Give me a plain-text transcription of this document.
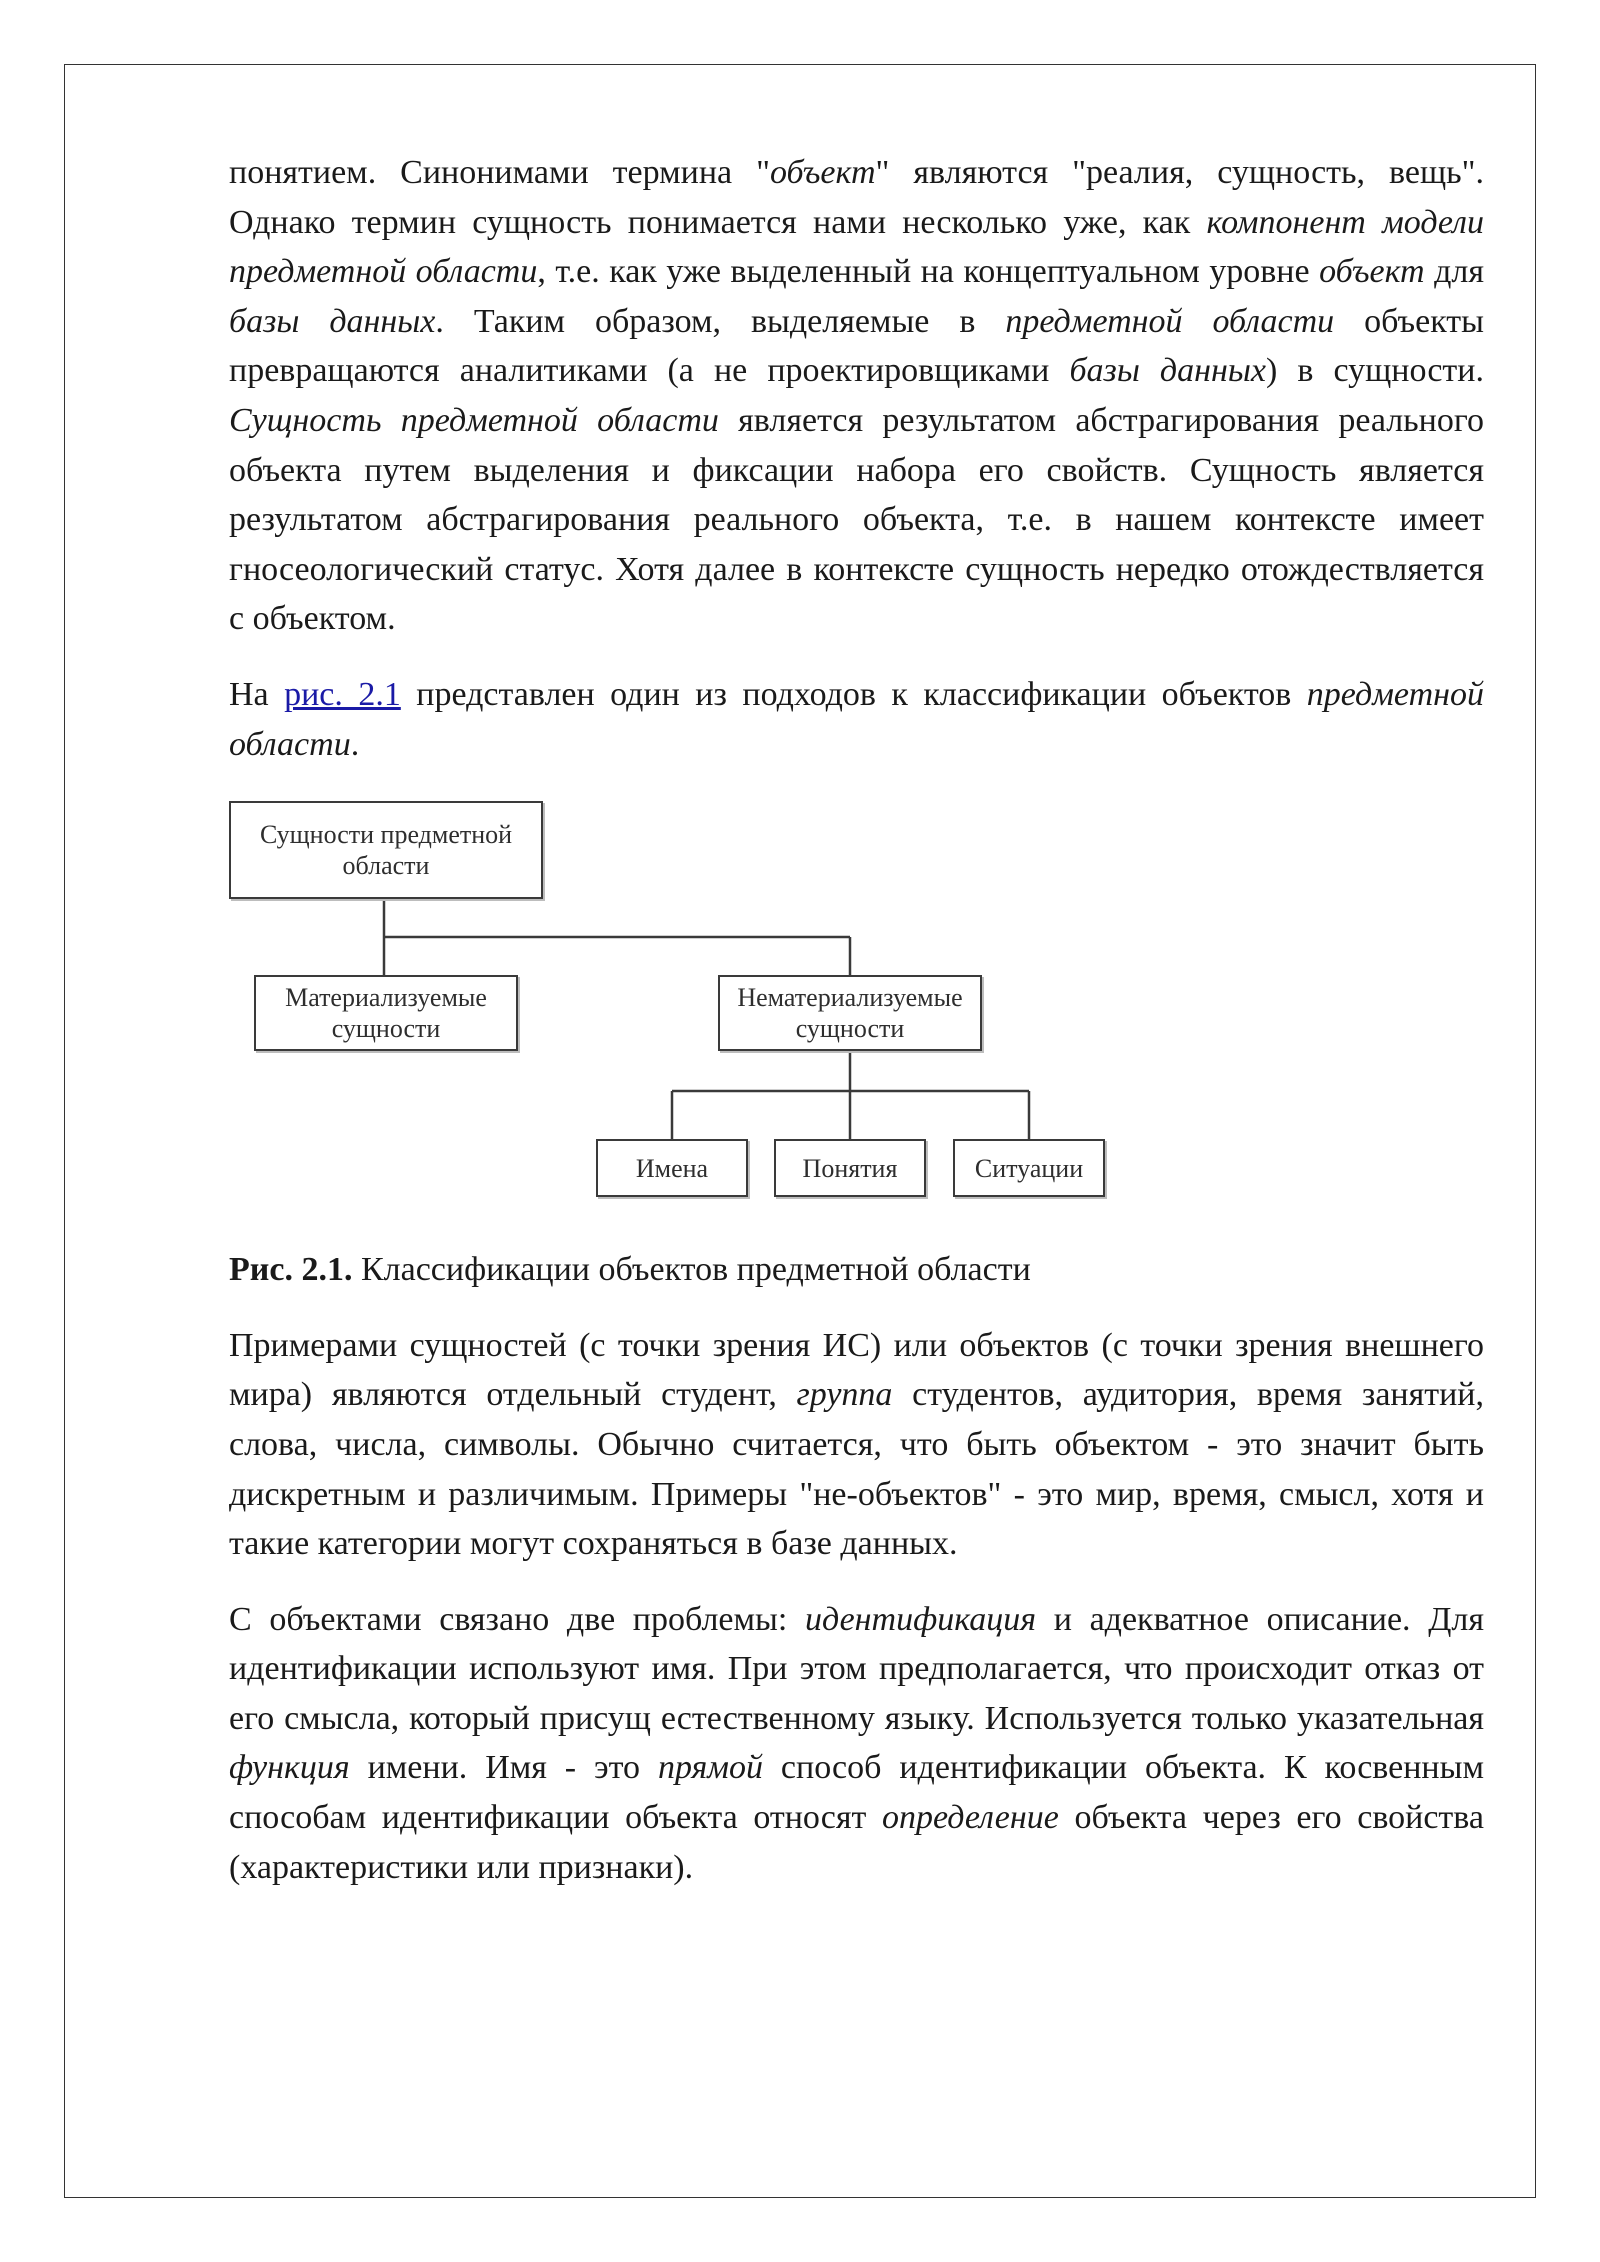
понятием. Синонимами термина "объект" являются "реалия, сущность, вещь". Однако термин сущность понимается нами несколько уже, как компонент модели предметной области, т.е. как уже выделенный на концептуальном уровне объект для базы данных. Таким образом, выделяемые в предметной области объекты превращаются аналитиками (а не проектировщиками базы данных) в сущности. Сущность предметной области является результатом абстрагирования реального объекта путем выделения и фиксации набора его свойств. Сущность является результатом абстрагирования реального объекта, т.е. в нашем контексте имеет гносеологический статус. Хотя далее в контексте сущность нередко отождествляется с объектом.

На рис. 2.1 представлен один из подходов к классификации объектов предметной области.

Сущности предметной области
Материализуемые сущности
Нематериализуемые сущности
Имена	Понятия	Ситуации

Рис. 2.1. Классификации объектов предметной области

Примерами сущностей (с точки зрения ИС) или объектов (с точки зрения внешнего мира) являются отдельный студент, группа студентов, аудитория, время занятий, слова, числа, символы. Обычно считается, что быть объектом - это значит быть дискретным и различимым. Примеры "не-объектов" - это мир, время, смысл, хотя и такие категории могут сохраняться в базе данных.

С объектами связано две проблемы: идентификация и адекватное описание. Для идентификации используют имя. При этом предполагается, что происходит отказ от его смысла, который присущ естественному языку. Используется только указательная функция имени. Имя - это прямой способ идентификации объекта. К косвенным способам идентификации объекта относят определение объекта через его свойства (характеристики или признаки).
